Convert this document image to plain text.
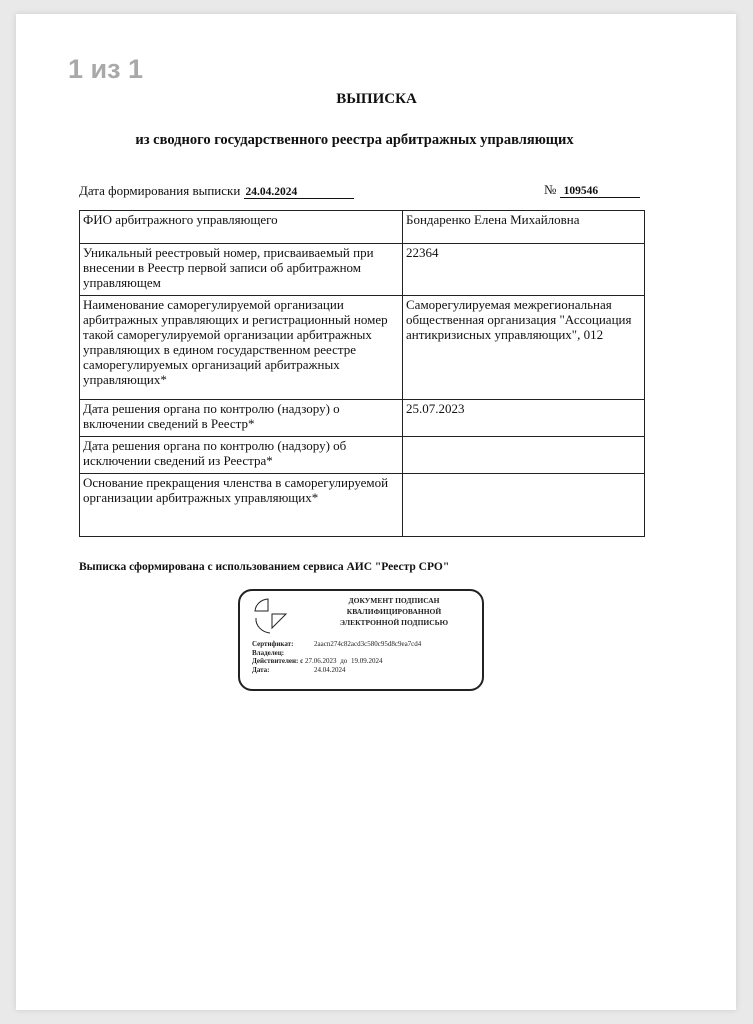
1 из 1
ВЫПИСКА
из сводного государственного реестра арбитражных управляющих
Дата формирования выписки 24.04.2024	№ 109546
ФИО арбитражного управляющего	Бондаренко Елена Михайловна
Уникальный реестровый номер, присваиваемый при внесении в Реестр первой записи об арбитражном управляющем	22364
Наименование саморегулируемой организации арбитражных управляющих и регистрационный номер такой саморегулируемой организации арбитражных управляющих в едином государственном реестре саморегулируемых организаций арбитражных управляющих*	Саморегулируемая межрегиональная общественная организация "Ассоциация антикризисных управляющих", 012
Дата решения органа по контролю (надзору) о включении сведений в Реестр*	25.07.2023
Дата решения органа по контролю (надзору) об исключении сведений из Реестра*	
Основание прекращения членства в саморегулируемой организации арбитражных управляющих*	
Выписка сформирована с использованием сервиса АИС "Реестр СРО"
ДОКУМЕНТ ПОДПИСАН
КВАЛИФИЦИРОВАННОЙ
ЭЛЕКТРОННОЙ ПОДПИСЬЮ
Сертификат:	2aacn274c82acd3c580c95d8c9ea7cd4
Владелец:
Действителен: с 27.06.2023 до 19.09.2024
Дата:	24.04.2024
